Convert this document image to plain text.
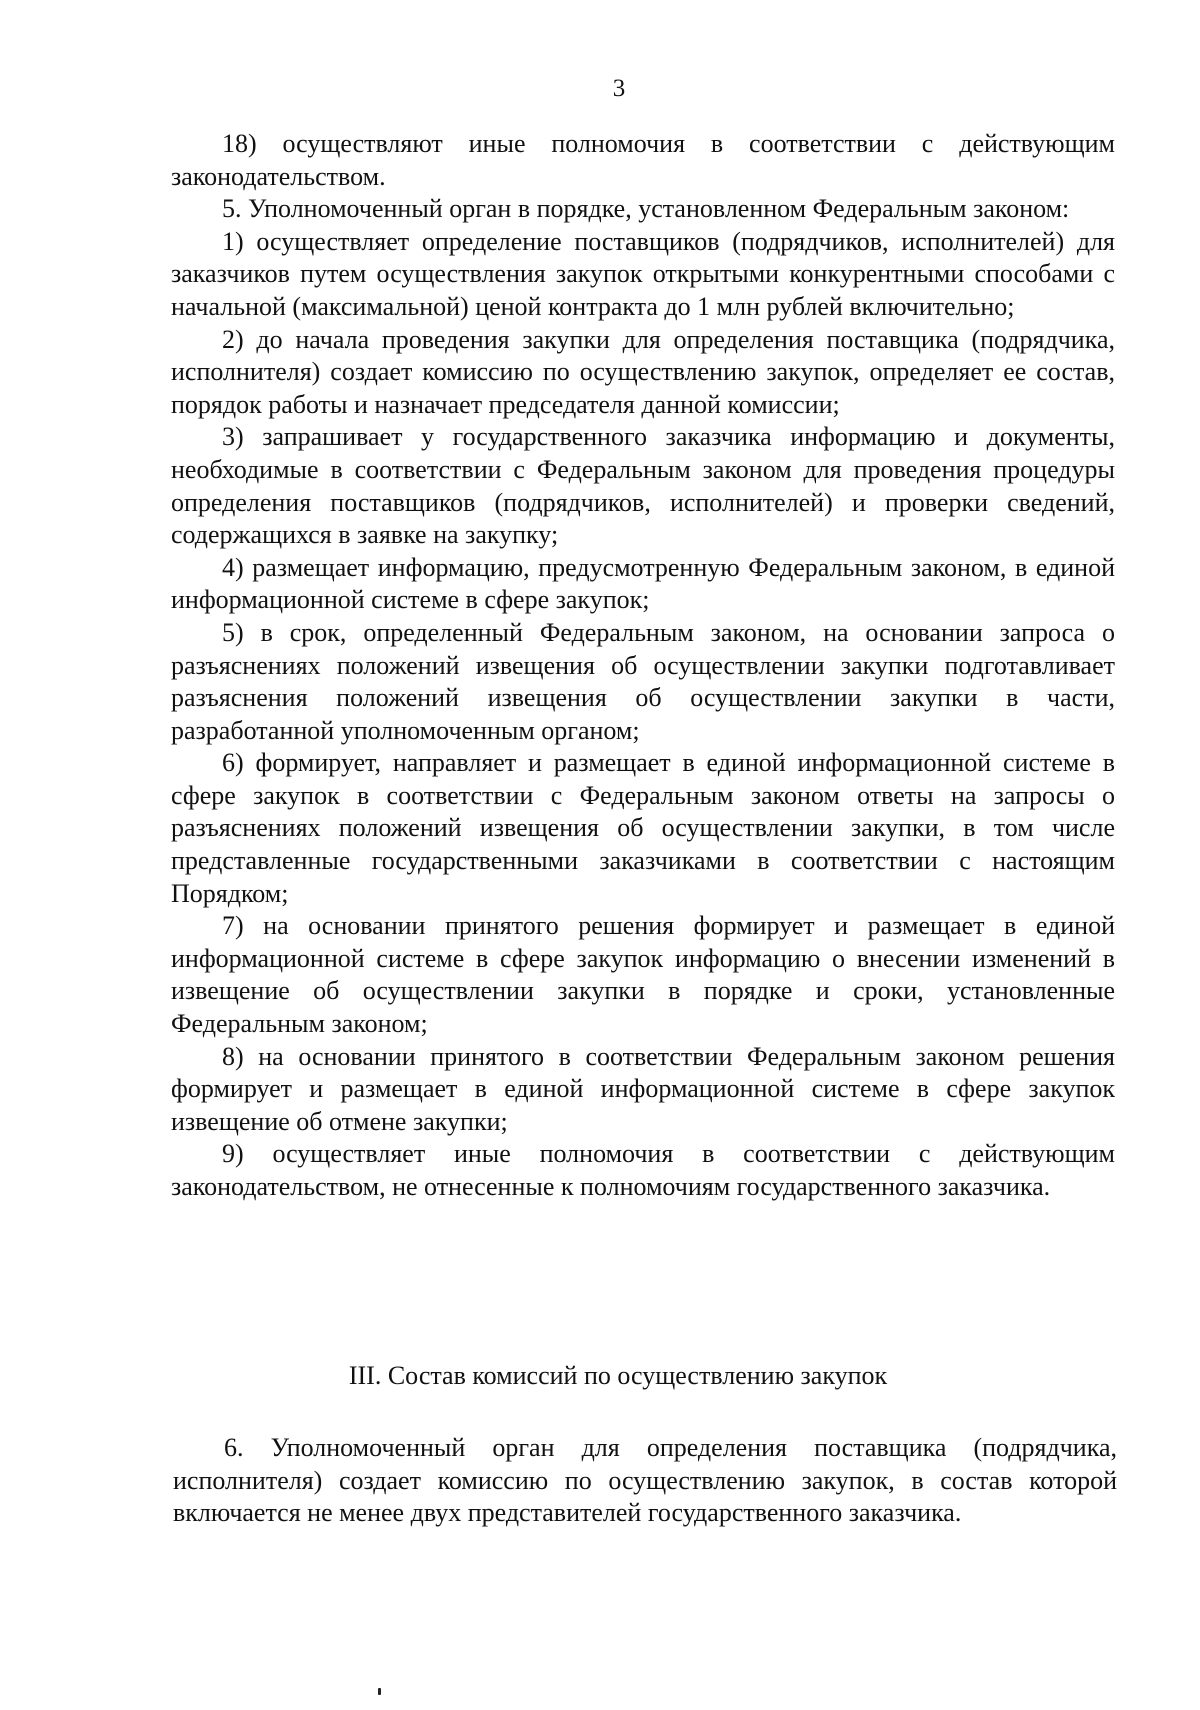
3

18) осуществляют иные полномочия в соответствии с действующим законодательством.

5. Уполномоченный орган в порядке, установленном Федеральным законом:

1) осуществляет определение поставщиков (подрядчиков, исполнителей) для заказчиков путем осуществления закупок открытыми конкурентными способами с начальной (максимальной) ценой контракта до 1 млн рублей включительно;

2) до начала проведения закупки для определения поставщика (подрядчика, исполнителя) создает комиссию по осуществлению закупок, определяет ее состав, порядок работы и назначает председателя данной комиссии;

3) запрашивает у государственного заказчика информацию и документы, необходимые в соответствии с Федеральным законом для проведения процедуры определения поставщиков (подрядчиков, исполнителей) и проверки сведений, содержащихся в заявке на закупку;

4) размещает информацию, предусмотренную Федеральным законом, в единой информационной системе в сфере закупок;

5) в срок, определенный Федеральным законом, на основании запроса о разъяснениях положений извещения об осуществлении закупки подготавливает разъяснения положений извещения об осуществлении закупки в части, разработанной уполномоченным органом;

6) формирует, направляет и размещает в единой информационной системе в сфере закупок в соответствии с Федеральным законом ответы на запросы о разъяснениях положений извещения об осуществлении закупки, в том числе представленные государственными заказчиками в соответствии с настоящим Порядком;

7) на основании принятого решения формирует и размещает в единой информационной системе в сфере закупок информацию о внесении изменений в извещение об осуществлении закупки в порядке и сроки, установленные Федеральным законом;

8) на основании принятого в соответствии Федеральным законом решения формирует и размещает в единой информационной системе в сфере закупок извещение об отмене закупки;

9) осуществляет иные полномочия в соответствии с действующим законодательством, не отнесенные к полномочиям государственного заказчика.

III. Состав комиссий по осуществлению закупок

6. Уполномоченный орган для определения поставщика (подрядчика, исполнителя) создает комиссию по осуществлению закупок, в состав которой включается не менее двух представителей государственного заказчика.
